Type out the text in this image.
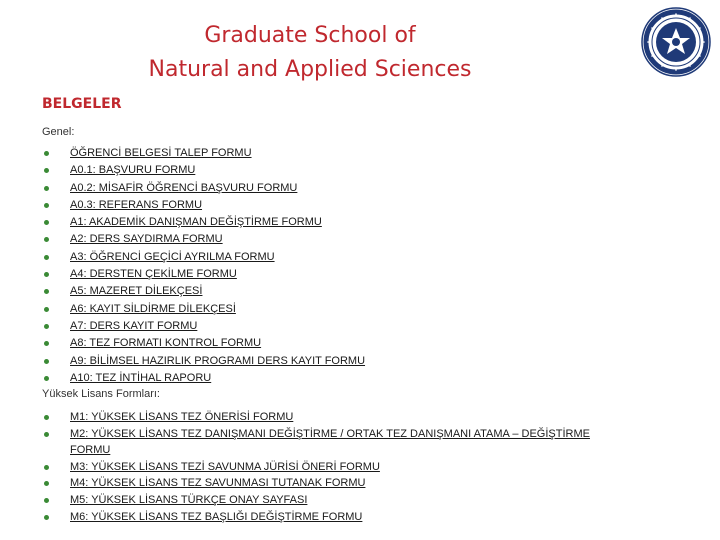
Graduate School of
Natural and Applied Sciences
BELGELER
Genel:
ÖĞRENCİ BELGESİ TALEP FORMU
A0.1: BAŞVURU FORMU
A0.2: MİSAFİR ÖĞRENCİ BAŞVURU FORMU
A0.3: REFERANS FORMU
A1: AKADEMİK DANIŞMAN DEĞİŞTİRME FORMU
A2: DERS SAYDIRMA FORMU
A3: ÖĞRENCİ GEÇİCİ AYRILMA FORMU
A4: DERSTEN ÇEKİLME FORMU
A5: MAZERET DİLEKÇESİ
A6: KAYIT SİLDİRME DİLEKÇESİ
A7: DERS KAYIT FORMU
A8: TEZ FORMATI KONTROL FORMU
A9: BİLİMSEL HAZIRLIK PROGRAMI DERS KAYIT FORMU
A10: TEZ İNTİHAL RAPORU
Yüksek Lisans Formları:
M1: YÜKSEK LİSANS TEZ ÖNERİSİ FORMU
M2: YÜKSEK LİSANS TEZ DANIŞMANI DEĞİŞTİRME / ORTAK TEZ DANIŞMANI ATAMA – DEĞİŞTİRME FORMU
M3: YÜKSEK LİSANS TEZİ SAVUNMA JÜRİSİ ÖNERİ FORMU
M4: YÜKSEK LİSANS TEZ SAVUNMASI TUTANAK FORMU
M5: YÜKSEK LİSANS TÜRKÇE ONAY SAYFASI
M6: YÜKSEK LİSANS TEZ BAŞLIĞI DEĞİŞTİRME FORMU
